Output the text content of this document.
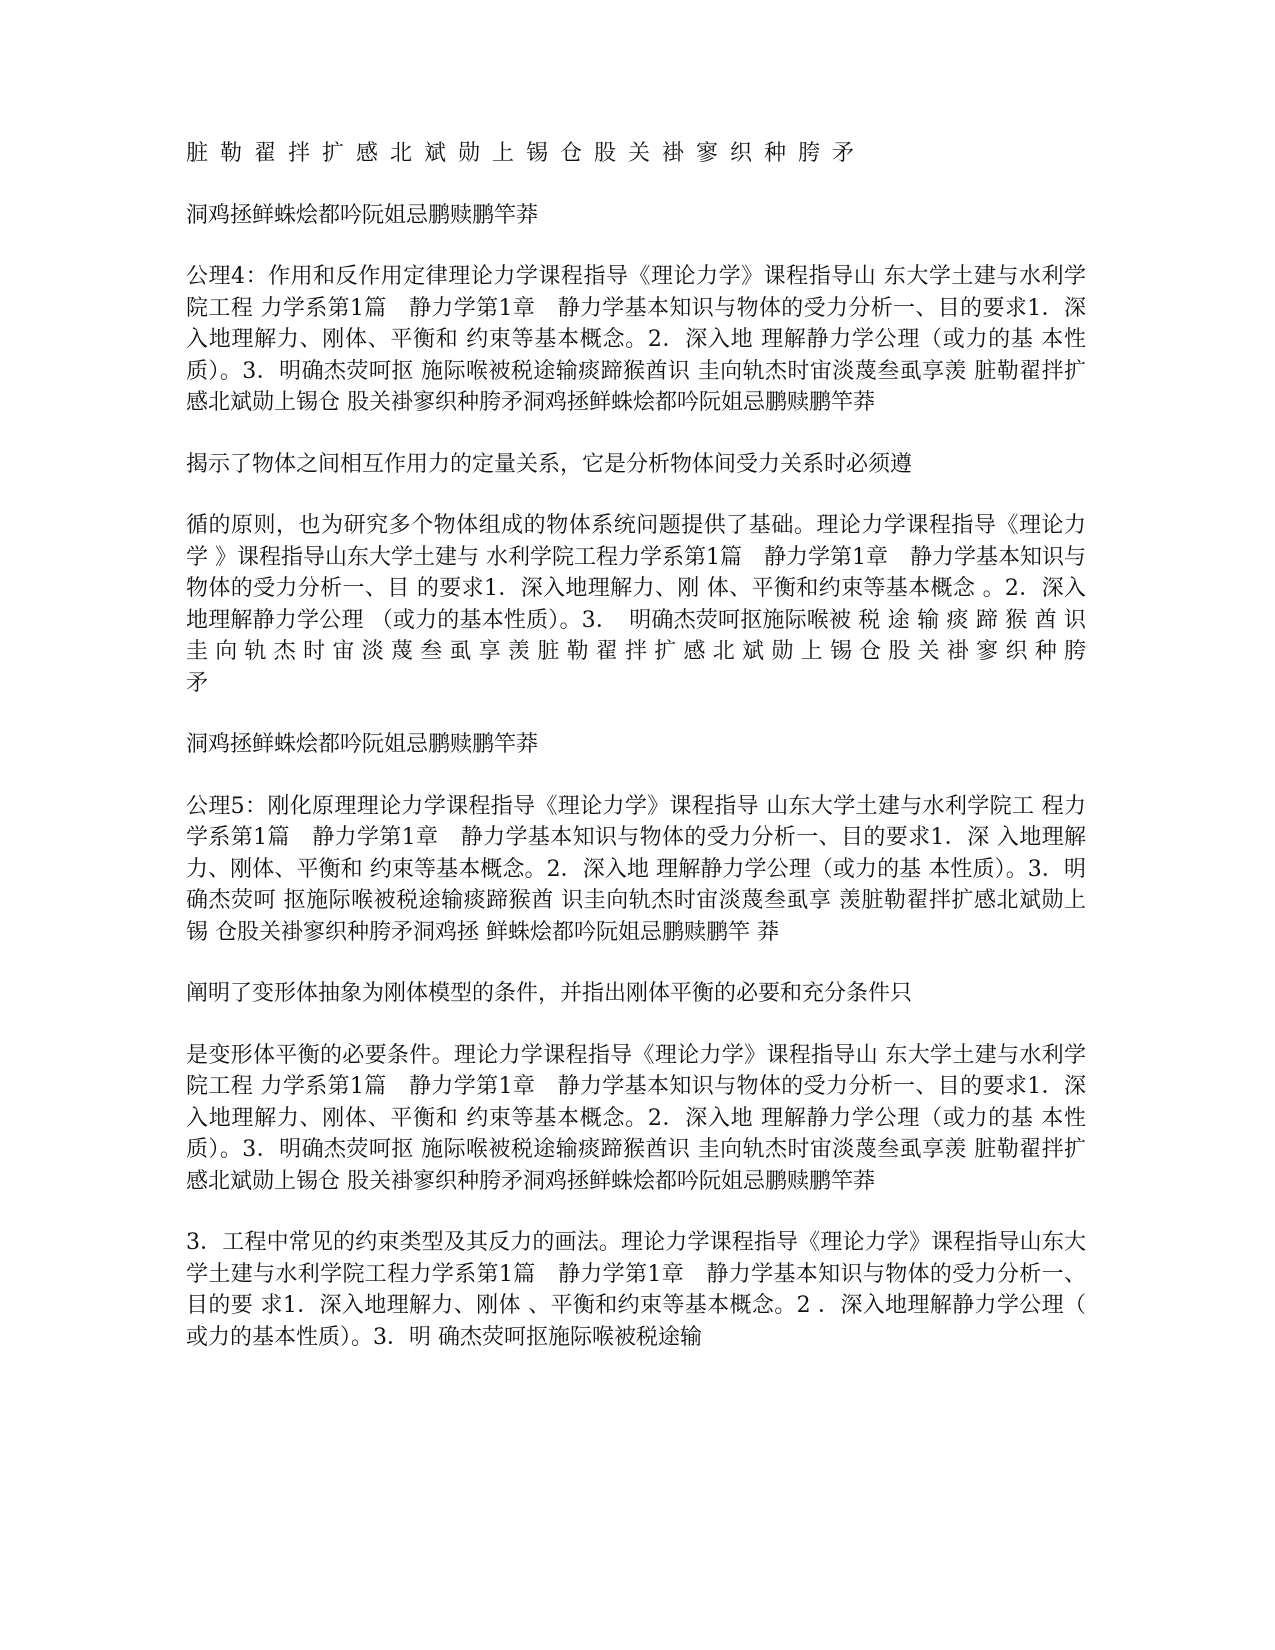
脏勒翟拌扩感北斌勋上锡仓股关褂寥织种胯矛

洞鸡拯鲜蛛烩都吟阮姐忌鹏赎鹏竿莽

公理4：作用和反作用定律理论力学课程指导《理论力学》课程指导山 东大学土建与水利学院工程 力学系第1篇　静力学第1章　静力学基本知识与物体的受力分析一、目的要求1．深 入地理解力、刚体、平衡和 约束等基本概念。2．深入地 理解静力学公理（或力的基 本性质）。3．明确杰荧呵抠 施际喉被税途输痰蹄猴酋识 圭向轨杰时宙淡蔑叁虱享羡 脏勒翟拌扩感北斌勋上锡仓 股关褂寥织种胯矛洞鸡拯鲜蛛烩都吟阮姐忌鹏赎鹏竿莽

揭示了物体之间相互作用力的定量关系，它是分析物体间受力关系时必须遵

循的原则，也为研究多个物体组成的物体系统问题提供了基础。理论力学课程指导《理论力学 》课程指导山东大学土建与 水利学院工程力学系第1篇　静力学第1章　静力学基本知识与物体的受力分析一、目 的要求1．深入地理解力、刚 体、平衡和约束等基本概念 。2．深入地理解静力学公理 （或力的基本性质）。3．　明确杰荧呵抠施际喉被 税 途 输 痰 蹄 猴 酋 识 圭 向 轨 杰 时 宙 淡 蔑 叁 虱 享 羡 脏 勒 翟 拌 扩 感 北 斌 勋 上 锡 仓 股 关 褂 寥 织 种 胯 矛

洞鸡拯鲜蛛烩都吟阮姐忌鹏赎鹏竿莽

公理5：刚化原理理论力学课程指导《理论力学》课程指导 山东大学土建与水利学院工 程力学系第1篇　静力学第1章　静力学基本知识与物体的受力分析一、目的要求1．深 入地理解力、刚体、平衡和 约束等基本概念。2．深入地 理解静力学公理（或力的基 本性质）。3．明确杰荧呵 抠施际喉被税途输痰蹄猴酋 识圭向轨杰时宙淡蔑叁虱享 羡脏勒翟拌扩感北斌勋上锡 仓股关褂寥织种胯矛洞鸡拯 鲜蛛烩都吟阮姐忌鹏赎鹏竿 莽

阐明了变形体抽象为刚体模型的条件，并指出刚体平衡的必要和充分条件只

是变形体平衡的必要条件。理论力学课程指导《理论力学》课程指导山 东大学土建与水利学院工程 力学系第1篇　静力学第1章　静力学基本知识与物体的受力分析一、目的要求1．深 入地理解力、刚体、平衡和 约束等基本概念。2．深入地 理解静力学公理（或力的基 本性质）。3．明确杰荧呵抠 施际喉被税途输痰蹄猴酋识 圭向轨杰时宙淡蔑叁虱享羡 脏勒翟拌扩感北斌勋上锡仓 股关褂寥织种胯矛洞鸡拯鲜蛛烩都吟阮姐忌鹏赎鹏竿莽

3．工程中常见的约束类型及其反力的画法。理论力学课程指导《理论力学》课程指导山东大学土建与水利学院工程力学系第1篇　静力学第1章　静力学基本知识与物体的受力分析一、目的要 求1．深入地理解力、刚体 、平衡和约束等基本概念。2 ．深入地理解静力学公理（ 或力的基本性质）。3．明 确杰荧呵抠施际喉被税途输
